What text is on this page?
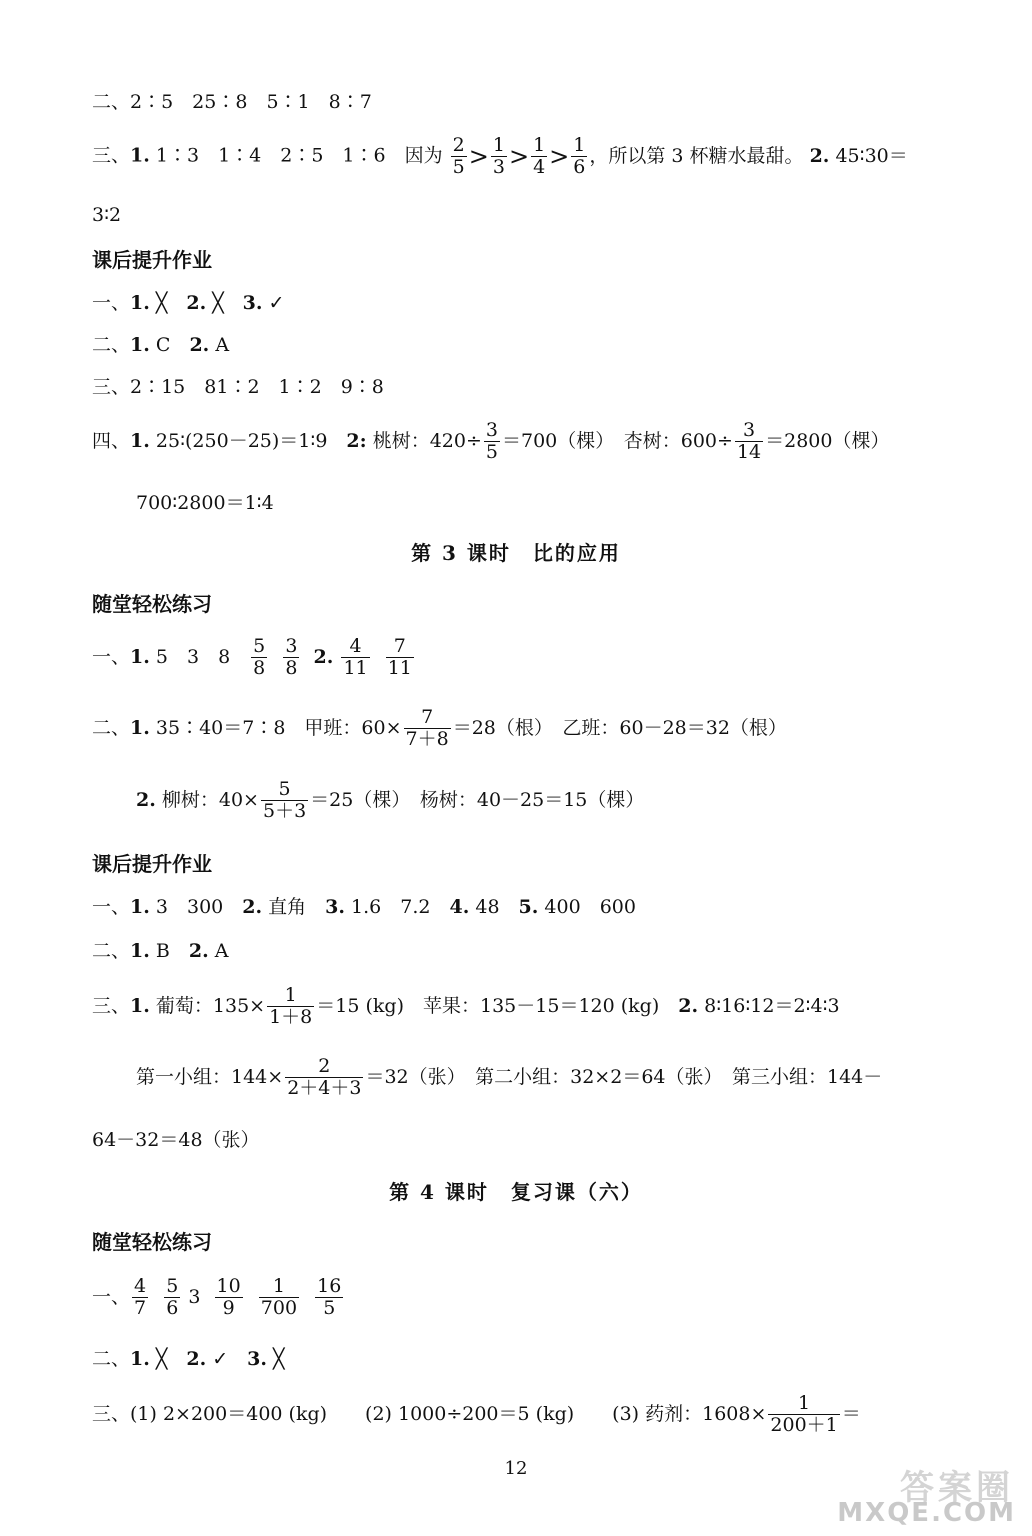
二、2∶5　25∶8　5∶1　8∶7
三、1. 1∶3　1∶4　2∶5　1∶6　因为 $\frac{2}{5} > \frac{1}{3} > \frac{1}{4} > \frac{1}{6}$ ，所以第 3 杯糖水最甜。 2. 45∶30＝
3∶2
课后提升作业
一、1. ╳　2. ╳　3. ✓
二、1. C　2. A
三、2∶15　81∶2　1∶2　9∶8
四、1. 25∶(250－25)＝1∶9　2: 桃树：$420\div \frac{3}{5} =700$（棵）　杏树：$600\div \frac{3}{14} =2800$（棵）
700∶2800＝1∶4
第 3 课时　比的应用
随堂轻松练习
一、1. 5　3　8　 $\frac{5}{8}$
$\frac{3}{8} 2$. $\frac{4}{11}$
$\frac{7}{11}$
二、1. 35∶40＝7∶8　甲班：$60\times \frac{7}{7+8} =28$（根）　乙班：60－28＝32（根）
2. 柳树：$40\times \frac{5}{5+3} =25$（棵）　杨树：40－25＝15（棵）
课后提升作业
一、1. 3　300　2. 直角　3. 1.6　7.2　4. 48　5. 400　600
二、1. B　2. A
三、1. 葡萄：$135\times \frac{1}{1+8} =15$ (kg)　苹果：135－15＝120 (kg)　2. 8∶16∶12＝2∶4∶3
第一小组：$144\times \frac{2}{2+4+3} =32$（张）　第二小组：32×2＝64（张）　第三小组：144－
64－32＝48（张）
第 4 课时　复习课（六）
随堂轻松练习
一、 $\frac{4}{7}$
$\frac{5}{6} 3 \frac{10}{9}$
$\frac{1}{700}$
$\frac{16}{5}$
二、1. ╳　2. ✓　3. ╳
三、(1) 2×200＝400 (kg)　　(2) 1000÷200＝5 (kg)　　(3) 药剂：$1608\times \frac{1}{200+1}$ ＝
12	答案圈
MXQE.COM
